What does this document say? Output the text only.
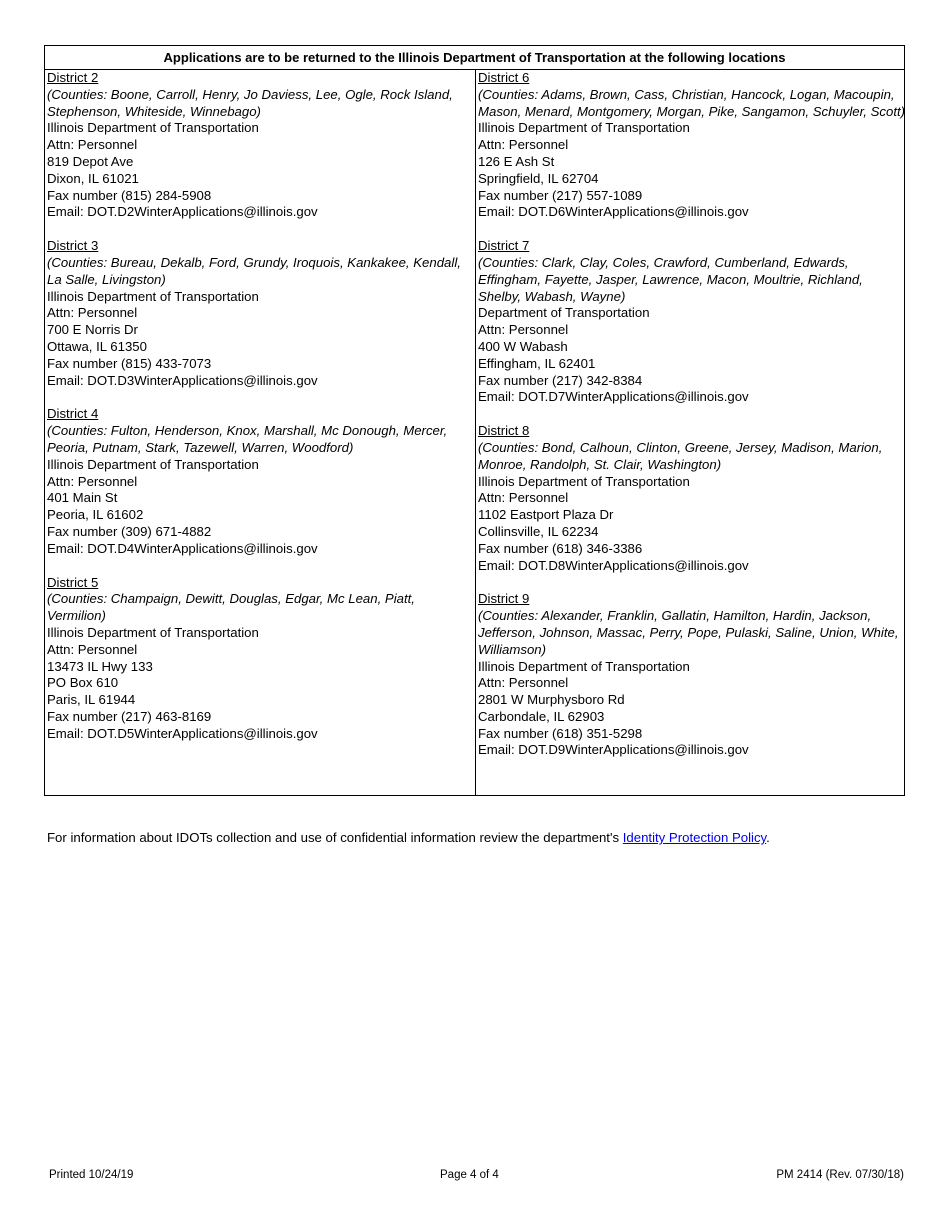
Applications are to be returned to the Illinois Department of Transportation at the following locations
District 2
(Counties: Boone, Carroll, Henry, Jo Daviess, Lee, Ogle, Rock Island, Stephenson, Whiteside, Winnebago)
Illinois Department of Transportation
Attn: Personnel
819 Depot Ave
Dixon, IL 61021
Fax number (815) 284-5908
Email: DOT.D2WinterApplications@illinois.gov
District 3
(Counties: Bureau, Dekalb, Ford, Grundy, Iroquois, Kankakee, Kendall, La Salle, Livingston)
Illinois Department of Transportation
Attn: Personnel
700 E Norris Dr
Ottawa, IL 61350
Fax number (815) 433-7073
Email: DOT.D3WinterApplications@illinois.gov
District 4
(Counties: Fulton, Henderson, Knox, Marshall, Mc Donough, Mercer, Peoria, Putnam, Stark, Tazewell, Warren, Woodford)
Illinois Department of Transportation
Attn: Personnel
401 Main St
Peoria, IL 61602
Fax number (309) 671-4882
Email: DOT.D4WinterApplications@illinois.gov
District 5
(Counties: Champaign, Dewitt, Douglas, Edgar, Mc Lean, Piatt, Vermilion)
Illinois Department of Transportation
Attn: Personnel
13473 IL Hwy 133
PO Box 610
Paris, IL 61944
Fax number (217) 463-8169
Email: DOT.D5WinterApplications@illinois.gov
District 6
(Counties: Adams, Brown, Cass, Christian, Hancock, Logan, Macoupin, Mason, Menard, Montgomery, Morgan, Pike, Sangamon, Schuyler, Scott)
Illinois Department of Transportation
Attn: Personnel
126 E Ash St
Springfield, IL 62704
Fax number (217) 557-1089
Email: DOT.D6WinterApplications@illinois.gov
District 7
(Counties: Clark, Clay, Coles, Crawford, Cumberland, Edwards, Effingham, Fayette, Jasper, Lawrence, Macon, Moultrie, Richland, Shelby, Wabash, Wayne)
Department of Transportation
Attn: Personnel
400 W Wabash
Effingham, IL 62401
Fax number (217) 342-8384
Email: DOT.D7WinterApplications@illinois.gov
District 8
(Counties: Bond, Calhoun, Clinton, Greene, Jersey, Madison, Marion, Monroe, Randolph, St. Clair, Washington)
Illinois Department of Transportation
Attn: Personnel
1102 Eastport Plaza Dr
Collinsville, IL 62234
Fax number (618) 346-3386
Email: DOT.D8WinterApplications@illinois.gov
District 9
(Counties: Alexander, Franklin, Gallatin, Hamilton, Hardin, Jackson, Jefferson, Johnson, Massac, Perry, Pope, Pulaski, Saline, Union, White, Williamson)
Illinois Department of Transportation
Attn: Personnel
2801 W Murphysboro Rd
Carbondale, IL 62903
Fax number (618) 351-5298
Email: DOT.D9WinterApplications@illinois.gov
For information about IDOTs collection and use of confidential information review the department's Identity Protection Policy.
Printed 10/24/19	Page 4 of 4	PM 2414 (Rev. 07/30/18)
